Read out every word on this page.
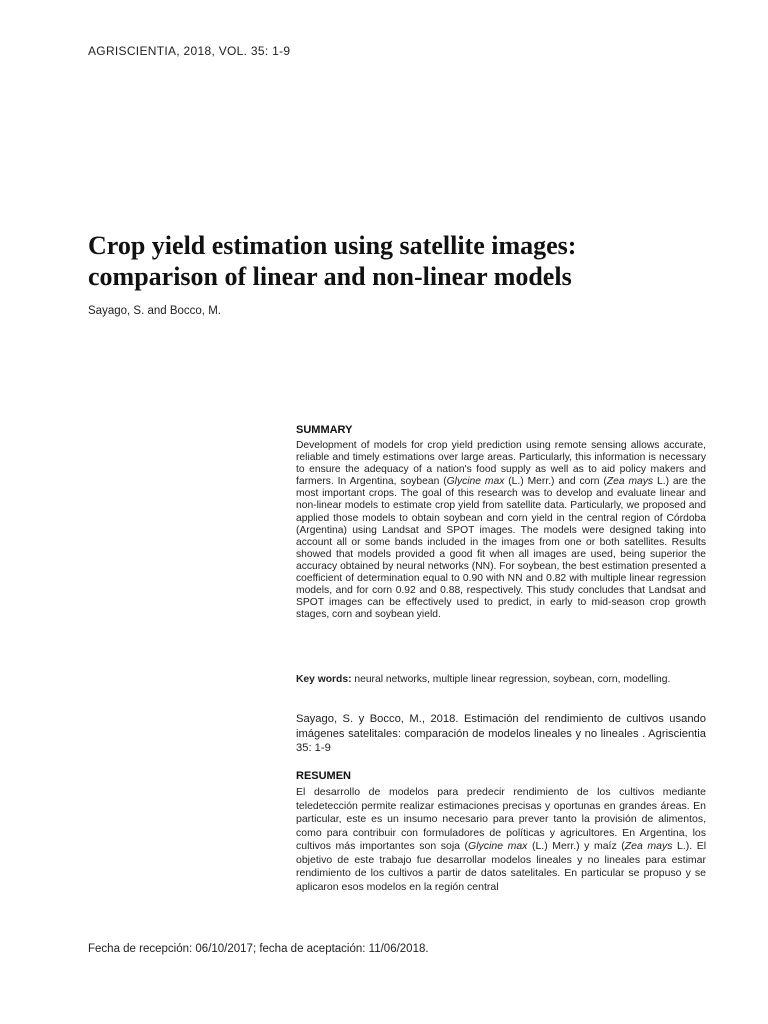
AGRISCIENTIA, 2018, VOL. 35: 1-9
Crop yield estimation using satellite images:
comparison of linear and non-linear models
Sayago, S. and Bocco, M.
SUMMARY

Development of models for crop yield prediction using remote sensing allows accurate, reliable and timely estimations over large areas. Particularly, this information is necessary to ensure the adequacy of a nation's food supply as well as to aid policy makers and farmers. In Argentina, soybean (Glycine max (L.) Merr.) and corn (Zea mays L.) are the most important crops. The goal of this research was to develop and evaluate linear and non-linear models to estimate crop yield from satellite data. Particularly, we proposed and applied those models to obtain soybean and corn yield in the central region of Córdoba (Argentina) using Landsat and SPOT images. The models were designed taking into account all or some bands included in the images from one or both satellites. Results showed that models provided a good fit when all images are used, being superior the accuracy obtained by neural networks (NN). For soybean, the best estimation presented a coefficient of determination equal to 0.90 with NN and 0.82 with multiple linear regression models, and for corn 0.92 and 0.88, respectively. This study concludes that Landsat and SPOT images can be effectively used to predict, in early to mid-season crop growth stages, corn and soybean yield.

Key words: neural networks, multiple linear regression, soybean, corn, modelling.

Sayago, S. y Bocco, M., 2018. Estimación del rendimiento de cultivos usando imágenes satelitales: comparación de modelos lineales y no lineales . Agriscientia 35: 1-9

RESUMEN

El desarrollo de modelos para predecir rendimiento de los cultivos mediante teledetección permite realizar estimaciones precisas y oportunas en grandes áreas. En particular, este es un insumo necesario para prever tanto la provisión de alimentos, como para contribuir con formuladores de políticas y agricultores. En Argentina, los cultivos más importantes son soja (Glycine max (L.) Merr.) y maíz (Zea mays L.). El objetivo de este trabajo fue desarrollar modelos lineales y no lineales para estimar rendimiento de los cultivos a partir de datos satelitales. En particular se propuso y se aplicaron esos modelos en la región central

Fecha de recepción: 06/10/2017; fecha de aceptación: 11/06/2018.
